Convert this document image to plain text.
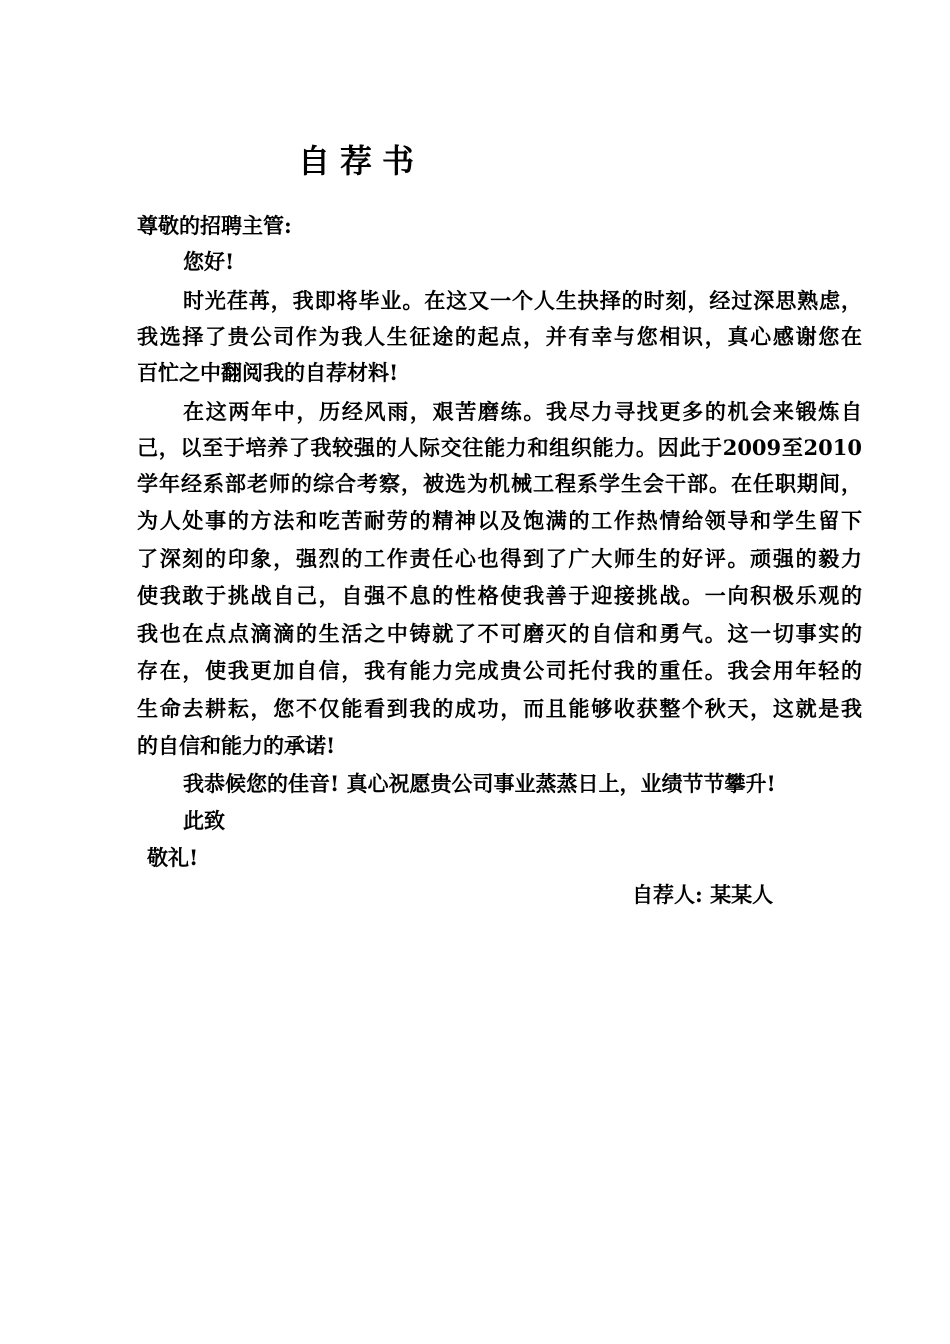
自荐书
尊敬的招聘主管:
您好!
时光荏苒，我即将毕业。在这又一个人生抉择的时刻，经过深思熟虑，
我选择了贵公司作为我人生征途的起点，并有幸与您相识，真心感谢您在
百忙之中翻阅我的自荐材料!
在这两年中，历经风雨，艰苦磨练。我尽力寻找更多的机会来锻炼自
己，以至于培养了我较强的人际交往能力和组织能力。因此于2009至2010
学年经系部老师的综合考察，被选为机械工程系学生会干部。在任职期间，
为人处事的方法和吃苦耐劳的精神以及饱满的工作热情给领导和学生留下
了深刻的印象，强烈的工作责任心也得到了广大师生的好评。顽强的毅力
使我敢于挑战自己，自强不息的性格使我善于迎接挑战。一向积极乐观的
我也在点点滴滴的生活之中铸就了不可磨灭的自信和勇气。这一切事实的
存在，使我更加自信，我有能力完成贵公司托付我的重任。我会用年轻的
生命去耕耘，您不仅能看到我的成功，而且能够收获整个秋天，这就是我
的自信和能力的承诺!
我恭候您的佳音! 真心祝愿贵公司事业蒸蒸日上，业绩节节攀升!
此致
敬礼!
自荐人: 某某人
